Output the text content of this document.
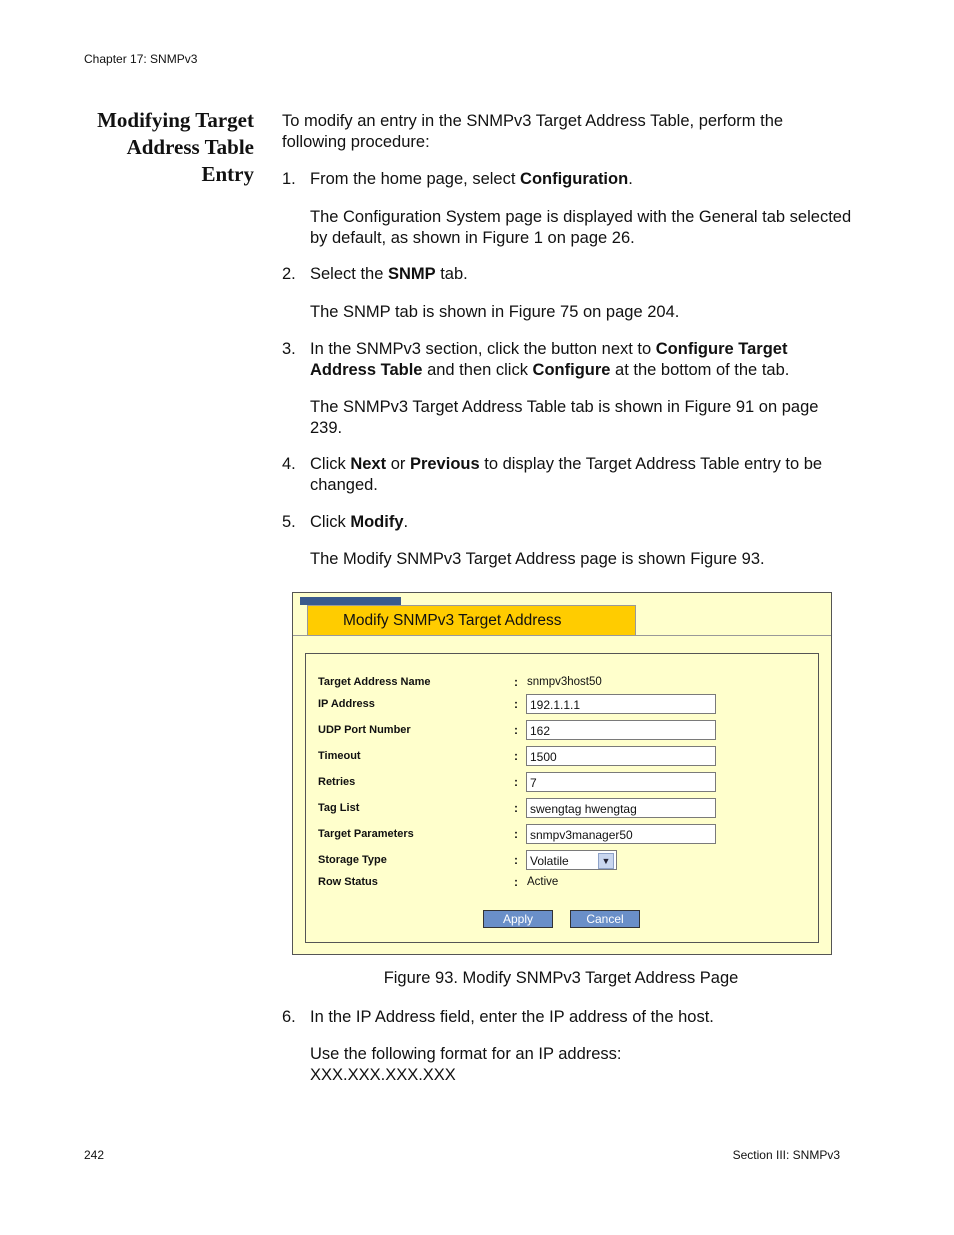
Chapter 17: SNMPv3
Modifying Target
Address Table
Entry
To modify an entry in the SNMPv3 Target Address Table, perform the following procedure:
1. From the home page, select Configuration.
The Configuration System page is displayed with the General tab selected by default, as shown in Figure 1 on page 26.
2. Select the SNMP tab.
The SNMP tab is shown in Figure 75 on page 204.
3. In the SNMPv3 section, click the button next to Configure Target Address Table and then click Configure at the bottom of the tab.
The SNMPv3 Target Address Table tab is shown in Figure 91 on page 239.
4. Click Next or Previous to display the Target Address Table entry to be changed.
5. Click Modify.
The Modify SNMPv3 Target Address page is shown Figure 93.
Modify SNMPv3 Target Address
Target Address Name	: snmpv3host50
IP Address	:	192.1.1.1
UDP Port Number	:	162
Timeout	:	1500
Retries	:	7
Tag List	:	swengtag hwengtag
Target Parameters	:	snmpv3manager50
Storage Type	:	Volatile	▼
Row Status	: Active
Apply	Cancel
Figure 93. Modify SNMPv3 Target Address Page
6. In the IP Address field, enter the IP address of the host.
Use the following format for an IP address:
XXX.XXX.XXX.XXX
242	Section III: SNMPv3
